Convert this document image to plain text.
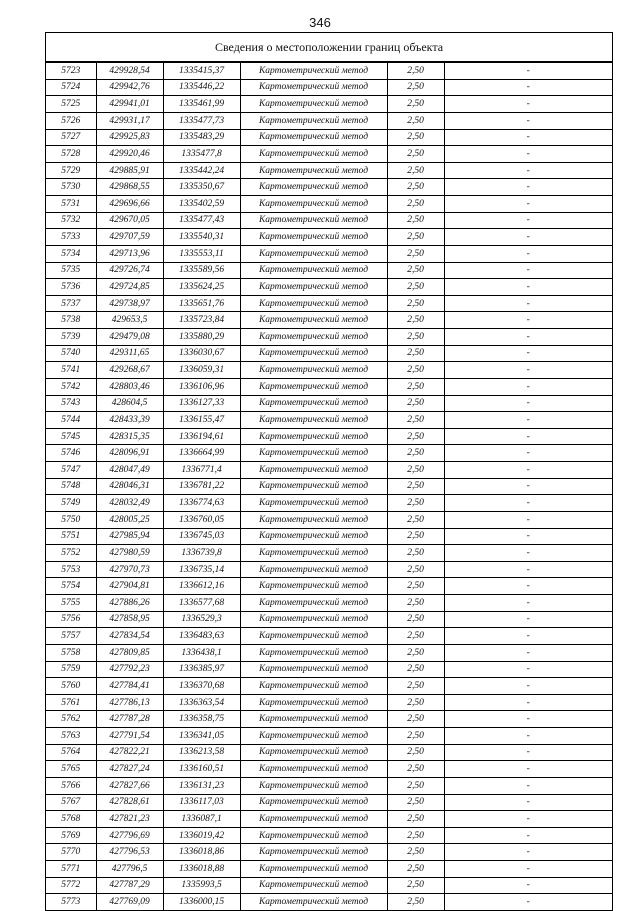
346
Сведения о местоположении границ объекта
5723	429928,54	1335415,37	Картометрический метод	2,50	-
5724	429942,76	1335446,22	Картометрический метод	2,50	-
5725	429941,01	1335461,99	Картометрический метод	2,50	-
5726	429931,17	1335477,73	Картометрический метод	2,50	-
5727	429925,83	1335483,29	Картометрический метод	2,50	-
5728	429920,46	1335477,8	Картометрический метод	2,50	-
5729	429885,91	1335442,24	Картометрический метод	2,50	-
5730	429868,55	1335350,67	Картометрический метод	2,50	-
5731	429696,66	1335402,59	Картометрический метод	2,50	-
5732	429670,05	1335477,43	Картометрический метод	2,50	-
5733	429707,59	1335540,31	Картометрический метод	2,50	-
5734	429713,96	1335553,11	Картометрический метод	2,50	-
5735	429726,74	1335589,56	Картометрический метод	2,50	-
5736	429724,85	1335624,25	Картометрический метод	2,50	-
5737	429738,97	1335651,76	Картометрический метод	2,50	-
5738	429653,5	1335723,84	Картометрический метод	2,50	-
5739	429479,08	1335880,29	Картометрический метод	2,50	-
5740	429311,65	1336030,67	Картометрический метод	2,50	-
5741	429268,67	1336059,31	Картометрический метод	2,50	-
5742	428803,46	1336106,96	Картометрический метод	2,50	-
5743	428604,5	1336127,33	Картометрический метод	2,50	-
5744	428433,39	1336155,47	Картометрический метод	2,50	-
5745	428315,35	1336194,61	Картометрический метод	2,50	-
5746	428096,91	1336664,99	Картометрический метод	2,50	-
5747	428047,49	1336771,4	Картометрический метод	2,50	-
5748	428046,31	1336781,22	Картометрический метод	2,50	-
5749	428032,49	1336774,63	Картометрический метод	2,50	-
5750	428005,25	1336760,05	Картометрический метод	2,50	-
5751	427985,94	1336745,03	Картометрический метод	2,50	-
5752	427980,59	1336739,8	Картометрический метод	2,50	-
5753	427970,73	1336735,14	Картометрический метод	2,50	-
5754	427904,81	1336612,16	Картометрический метод	2,50	-
5755	427886,26	1336577,68	Картометрический метод	2,50	-
5756	427858,95	1336529,3	Картометрический метод	2,50	-
5757	427834,54	1336483,63	Картометрический метод	2,50	-
5758	427809,85	1336438,1	Картометрический метод	2,50	-
5759	427792,23	1336385,97	Картометрический метод	2,50	-
5760	427784,41	1336370,68	Картометрический метод	2,50	-
5761	427786,13	1336363,54	Картометрический метод	2,50	-
5762	427787,28	1336358,75	Картометрический метод	2,50	-
5763	427791,54	1336341,05	Картометрический метод	2,50	-
5764	427822,21	1336213,58	Картометрический метод	2,50	-
5765	427827,24	1336160,51	Картометрический метод	2,50	-
5766	427827,66	1336131,23	Картометрический метод	2,50	-
5767	427828,61	1336117,03	Картометрический метод	2,50	-
5768	427821,23	1336087,1	Картометрический метод	2,50	-
5769	427796,69	1336019,42	Картометрический метод	2,50	-
5770	427796,53	1336018,86	Картометрический метод	2,50	-
5771	427796,5	1336018,88	Картометрический метод	2,50	-
5772	427787,29	1335993,5	Картометрический метод	2,50	-
5773	427769,09	1336000,15	Картометрический метод	2,50	-
